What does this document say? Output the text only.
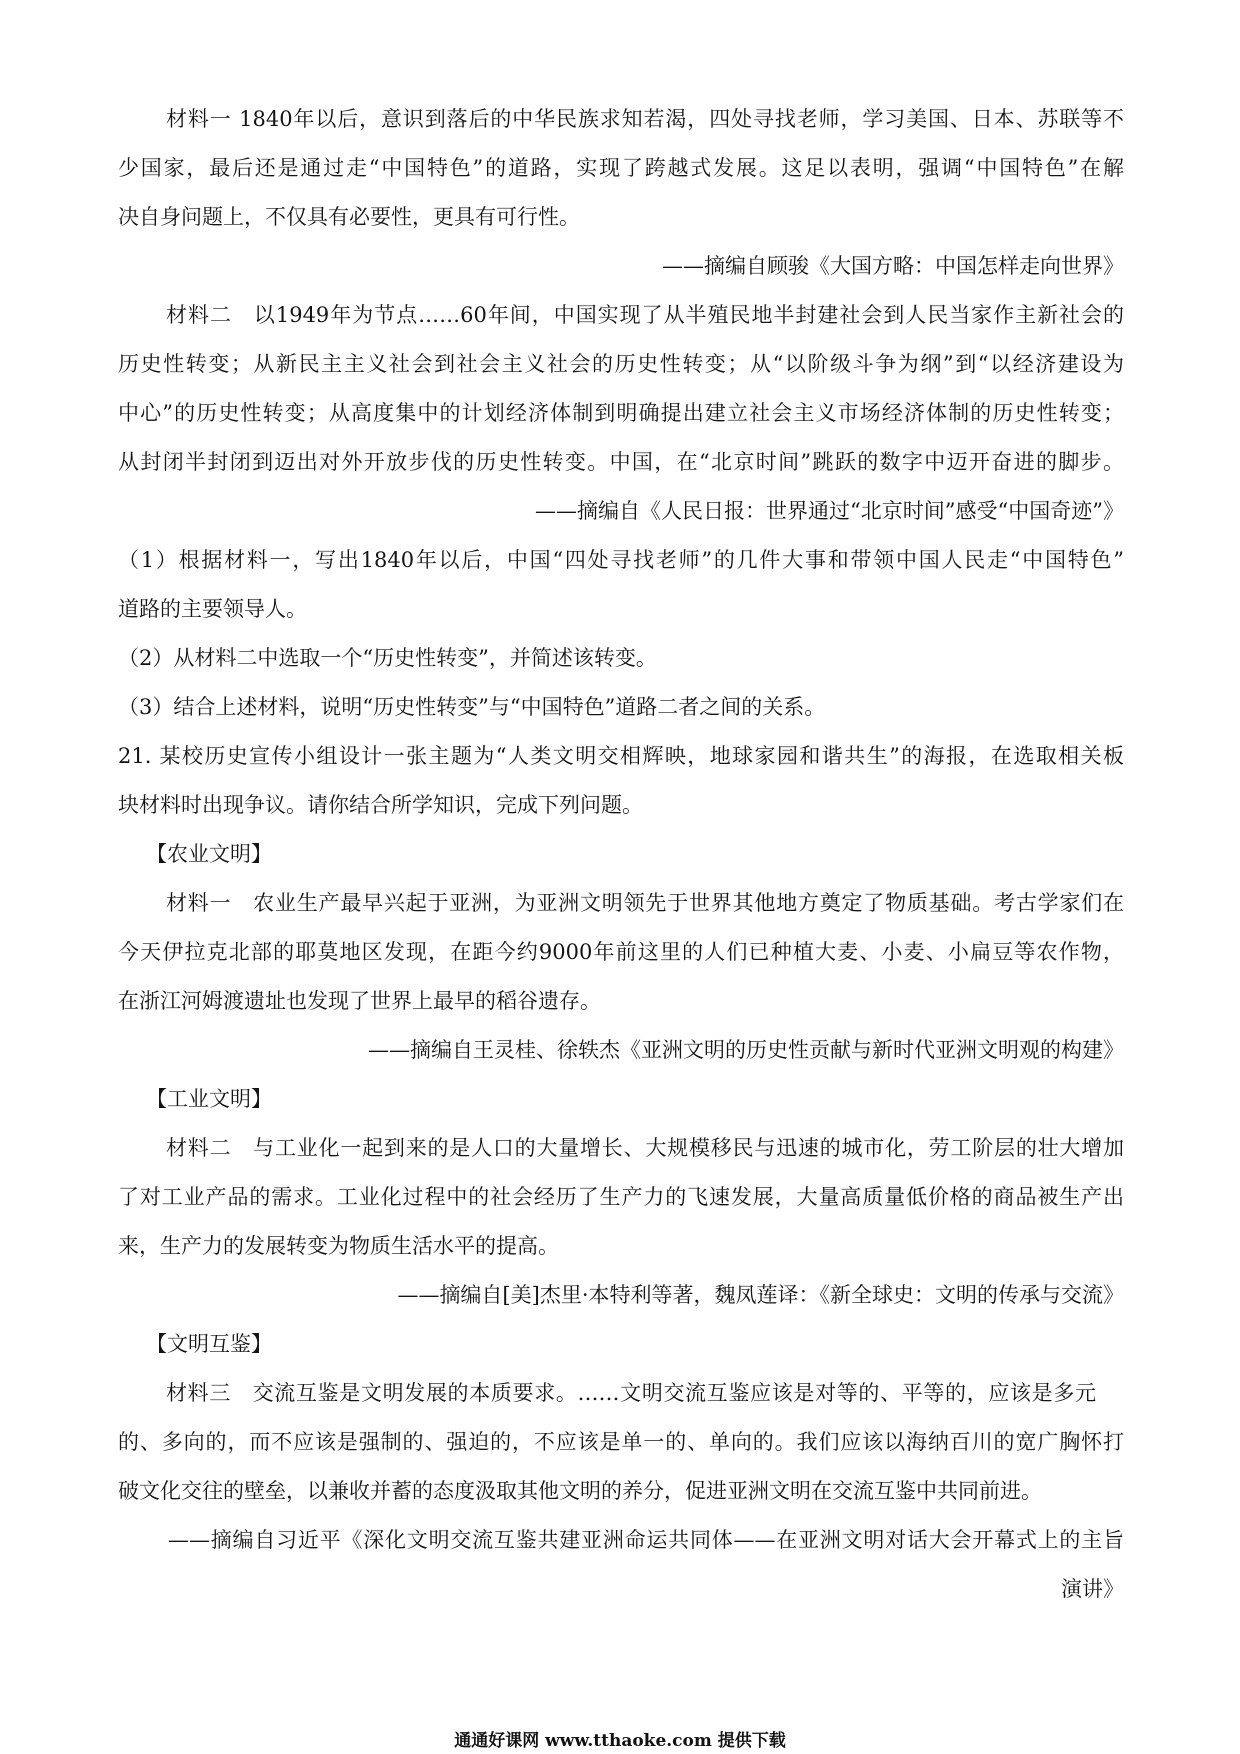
材料一 1840年以后，意识到落后的中华民族求知若渴，四处寻找老师，学习美国、日本、苏联等不
少国家，最后还是通过走“中国特色”的道路，实现了跨越式发展。这足以表明，强调“中国特色”在解
决自身问题上，不仅具有必要性，更具有可行性。
——摘编自顾骏《大国方略：中国怎样走向世界》
材料二　以1949年为节点……60年间，中国实现了从半殖民地半封建社会到人民当家作主新社会的
历史性转变；从新民主主义社会到社会主义社会的历史性转变；从“以阶级斗争为纲”到“以经济建设为
中心”的历史性转变；从高度集中的计划经济体制到明确提出建立社会主义市场经济体制的历史性转变；
从封闭半封闭到迈出对外开放步伐的历史性转变。中国，在“北京时间”跳跃的数字中迈开奋进的脚步。
——摘编自《人民日报：世界通过“北京时间”感受“中国奇迹”》
（1）根据材料一，写出1840年以后，中国“四处寻找老师”的几件大事和带领中国人民走“中国特色”
道路的主要领导人。
（2）从材料二中选取一个“历史性转变”，并简述该转变。
（3）结合上述材料，说明“历史性转变”与“中国特色”道路二者之间的关系。
21. 某校历史宣传小组设计一张主题为“人类文明交相辉映，地球家园和谐共生”的海报，在选取相关板
块材料时出现争议。请你结合所学知识，完成下列问题。
【农业文明】
材料一　农业生产最早兴起于亚洲，为亚洲文明领先于世界其他地方奠定了物质基础。考古学家们在
今天伊拉克北部的耶莫地区发现，在距今约9000年前这里的人们已种植大麦、小麦、小扁豆等农作物，
在浙江河姆渡遗址也发现了世界上最早的稻谷遗存。
——摘编自王灵桂、徐轶杰《亚洲文明的历史性贡献与新时代亚洲文明观的构建》
【工业文明】
材料二　与工业化一起到来的是人口的大量增长、大规模移民与迅速的城市化，劳工阶层的壮大增加
了对工业产品的需求。工业化过程中的社会经历了生产力的飞速发展，大量高质量低价格的商品被生产出
来，生产力的发展转变为物质生活水平的提高。
——摘编自[美]杰里·本特利等著，魏凤莲译：《新全球史：文明的传承与交流》
【文明互鉴】
材料三　交流互鉴是文明发展的本质要求。……文明交流互鉴应该是对等的、平等的，应该是多元
的、多向的，而不应该是强制的、强迫的，不应该是单一的、单向的。我们应该以海纳百川的宽广胸怀打
破文化交往的壁垒，以兼收并蓄的态度汲取其他文明的养分，促进亚洲文明在交流互鉴中共同前进。
——摘编自习近平《深化文明交流互鉴共建亚洲命运共同体——在亚洲文明对话大会开幕式上的主旨
演讲》
通通好课网 www.tthaoke.com 提供下载
